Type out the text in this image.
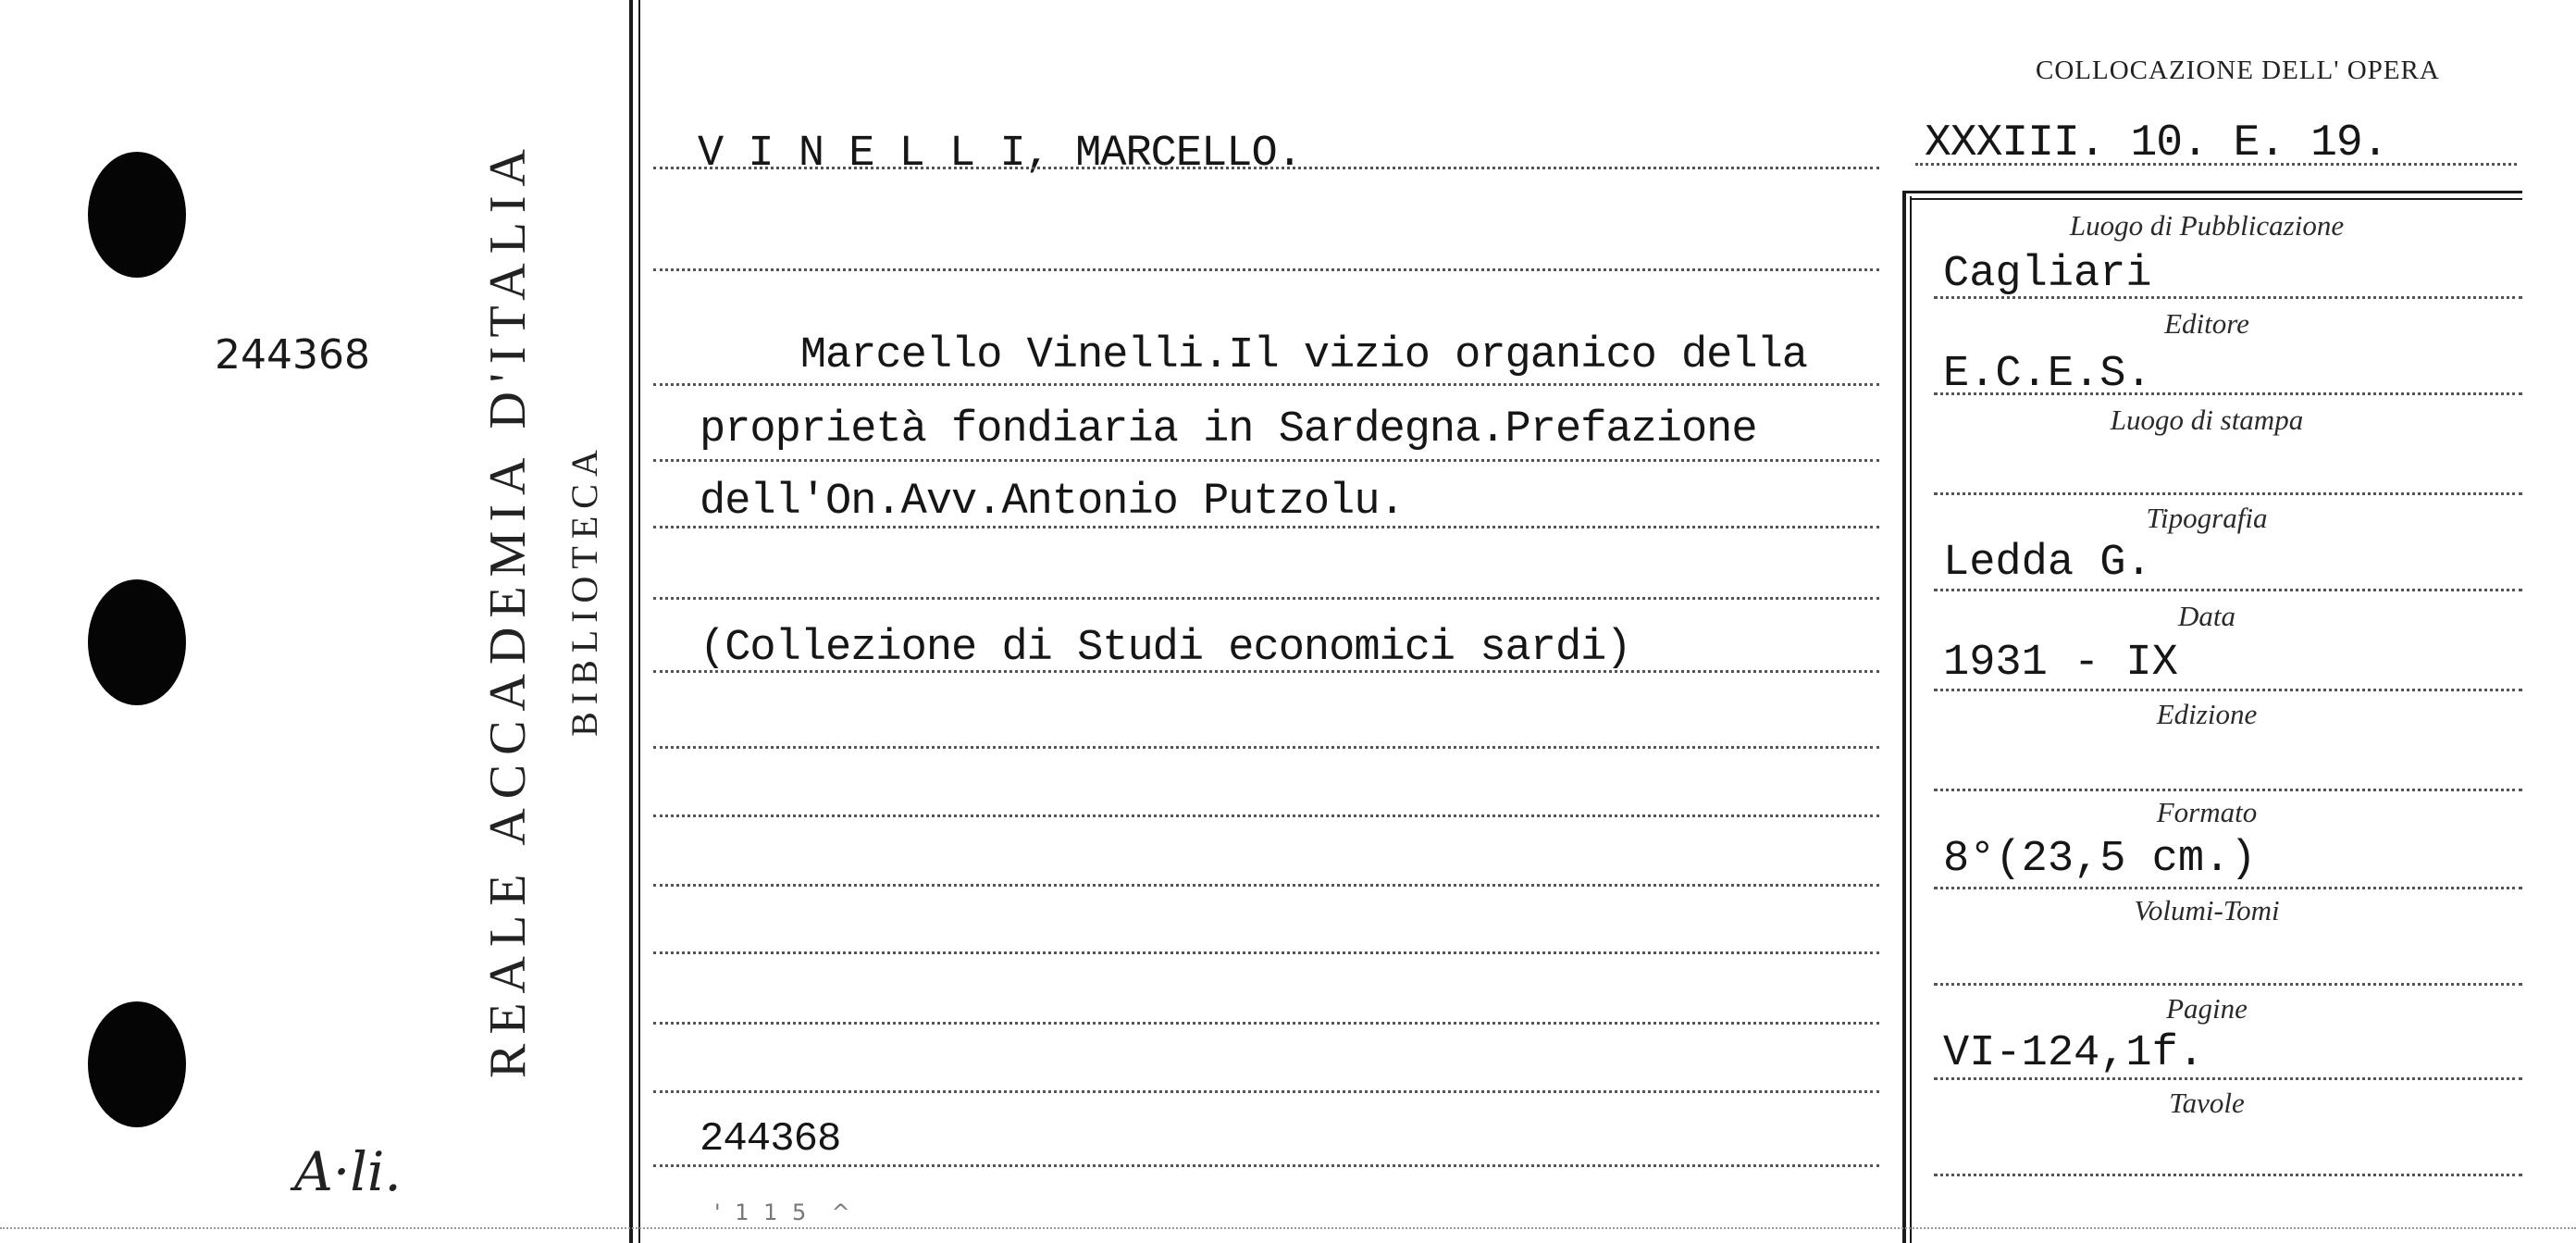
244368
A·li.
REALE ACCADEMIA D'ITALIA BIBLIOTECA
COLLOCAZIONE DELL' OPERA
XXXIII. 10. E. 19.
V I N E L L I, MARCELLO.
Marcello Vinelli.Il vizio organico della
proprietà fondiaria in Sardegna.Prefazione
dell'On.Avv.Antonio Putzolu.
(Collezione di Studi economici sardi)
244368
' 1 1 5  ^
Luogo di Pubblicazione
Cagliari
Editore
E.C.E.S.
Luogo di stampa
Tipografia
Ledda G.
Data
1931 - IX
Edizione
Formato
8°(23,5 cm.)
Volumi-Tomi
Pagine
VI-124,1f.
Tavole
